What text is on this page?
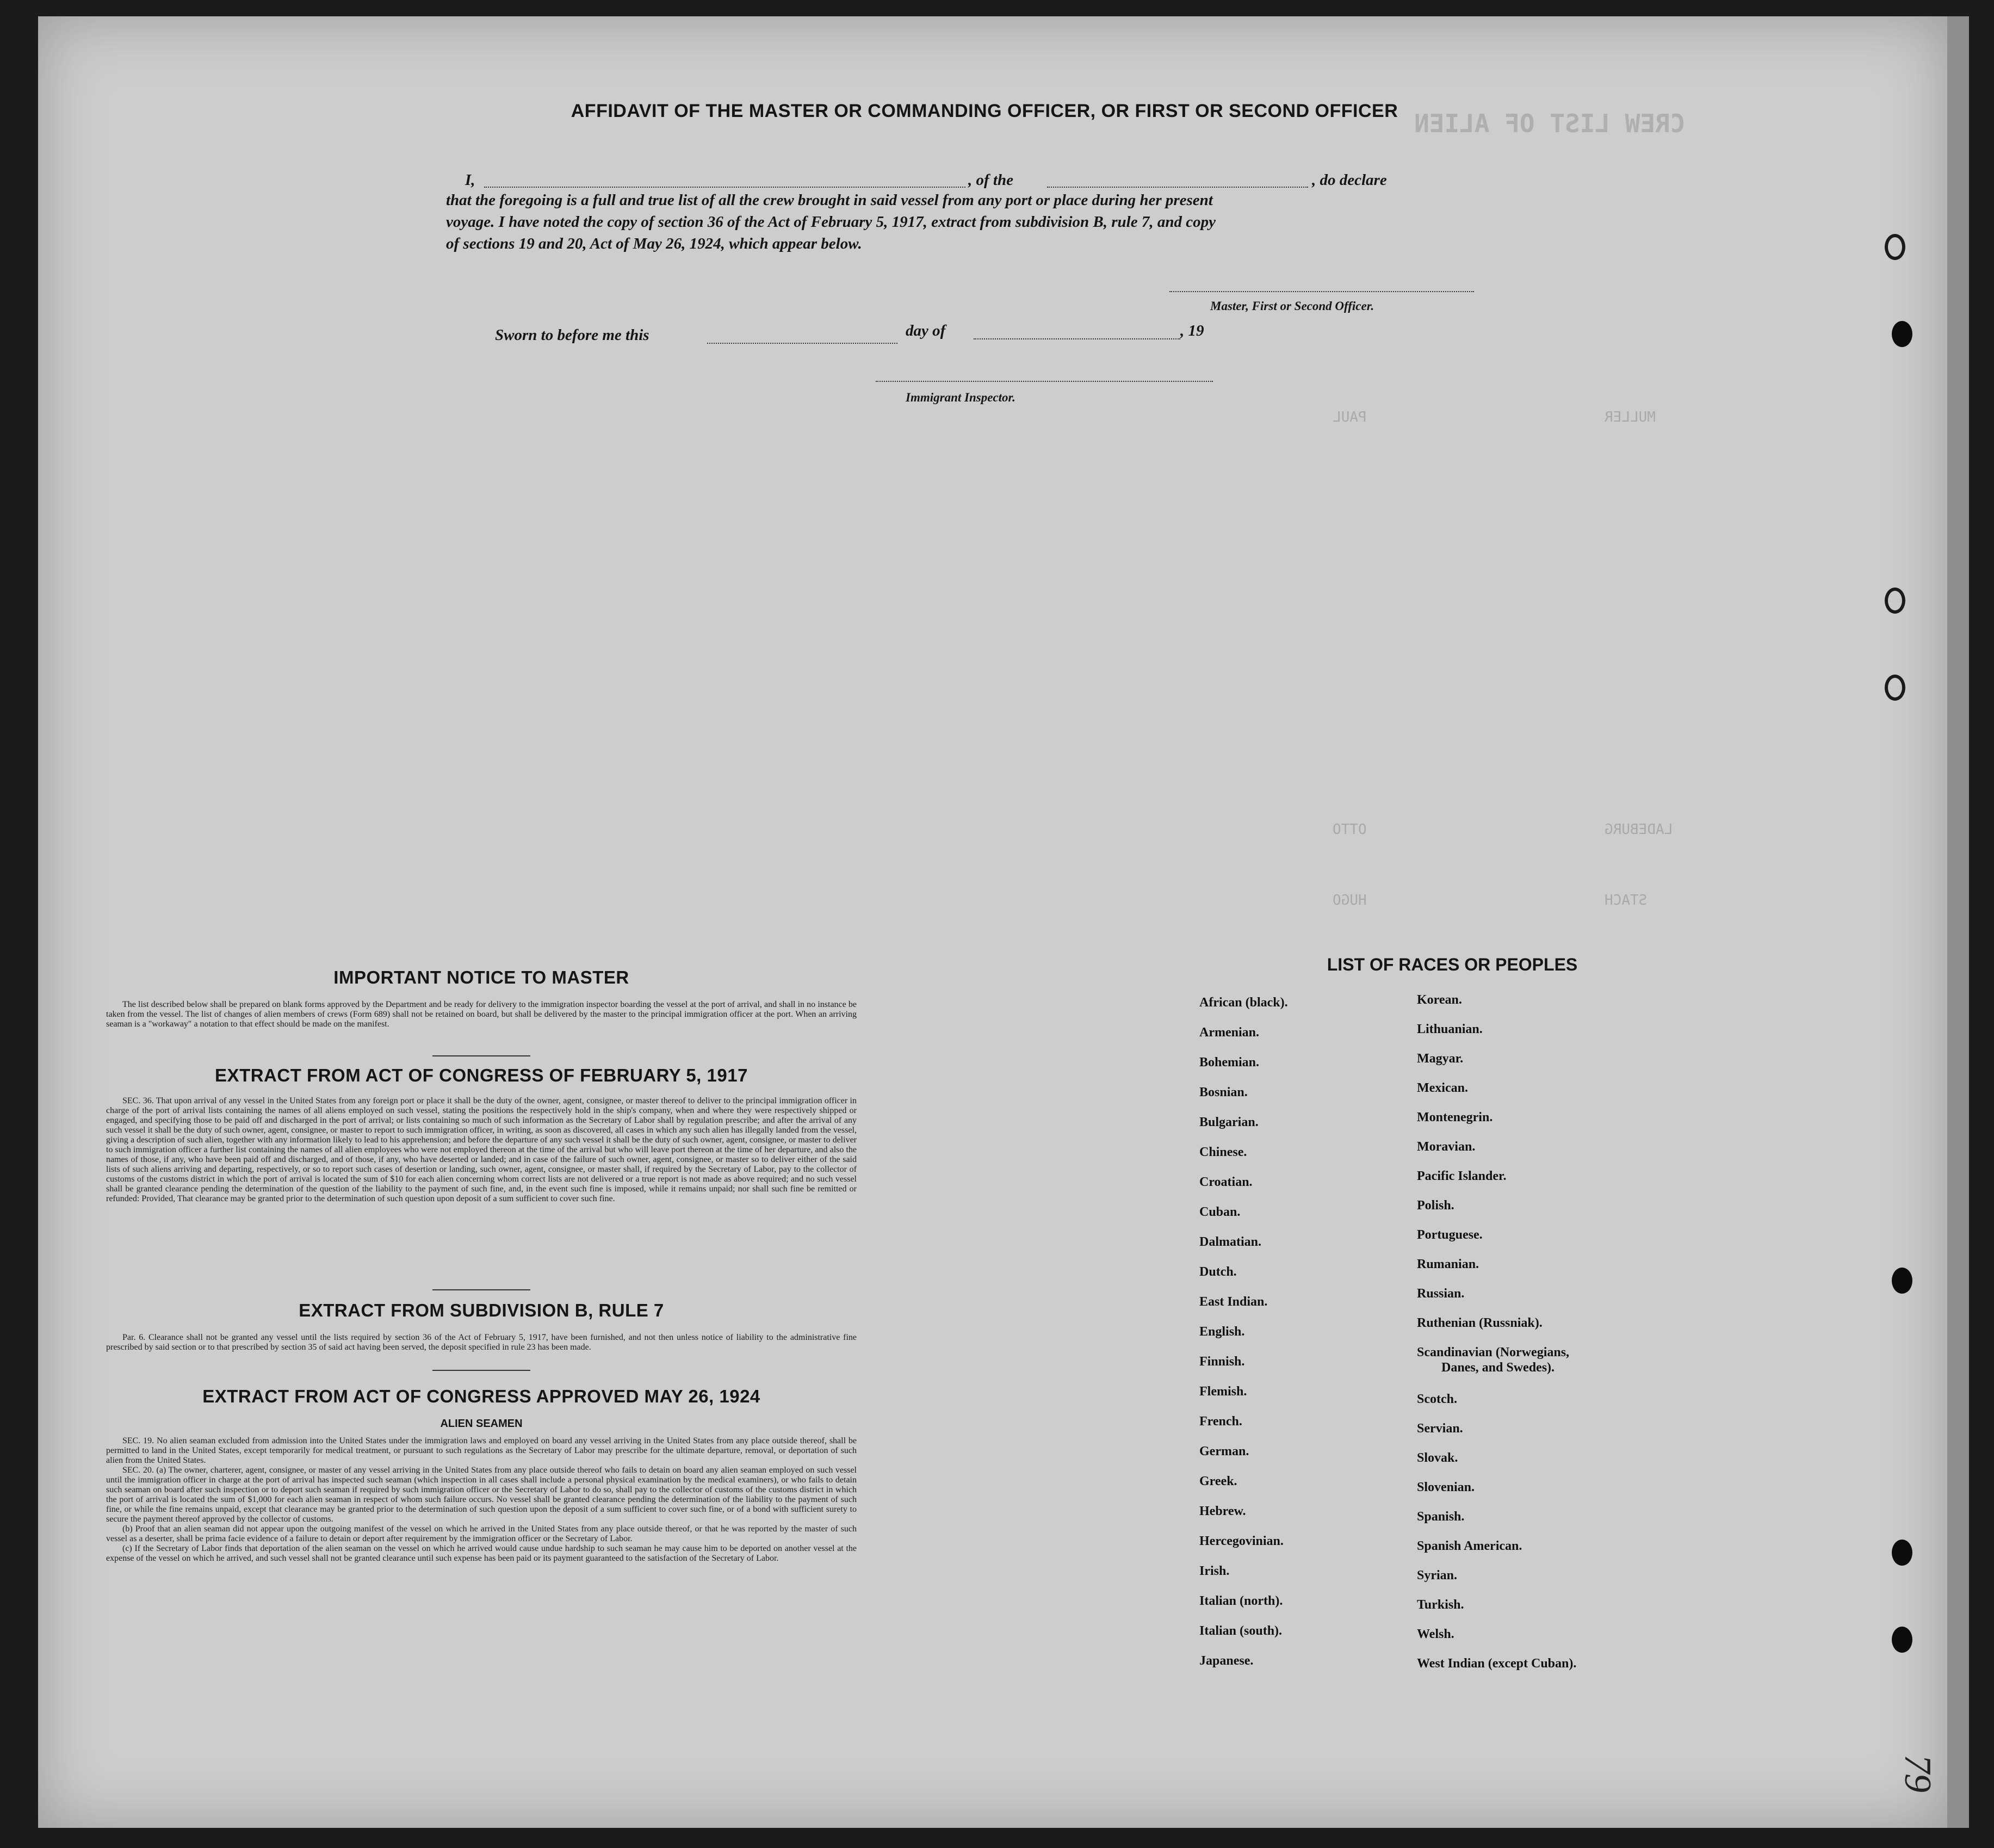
CREW LIST OF ALIEN
PAUL	MULLER
HUGO	STACH
OTTO	LADEBURG
AFFIDAVIT OF THE MASTER OR COMMANDING OFFICER, OR FIRST OR SECOND OFFICER
I,	, of the	, do declare
that the foregoing is a full and true list of all the crew brought in said vessel from any port or place during her present
voyage. I have noted the copy of section 36 of the Act of February 5, 1917, extract from subdivision B, rule 7, and copy
of sections 19 and 20, Act of May 26, 1924, which appear below.
Master, First or Second Officer.
Sworn to before me this	day of	, 19
Immigrant Inspector.
IMPORTANT NOTICE TO MASTER

The list described below shall be prepared on blank forms approved by the Department and be ready for delivery to the immigration inspector boarding the vessel at the port of arrival, and shall in no instance be taken from the vessel. The list of changes of alien members of crews (Form 689) shall not be retained on board, but shall be delivered by the master to the principal immigration officer at the port. When an arriving seaman is a "workaway" a notation to that effect should be made on the manifest.

EXTRACT FROM ACT OF CONGRESS OF FEBRUARY 5, 1917

SEC. 36. That upon arrival of any vessel in the United States from any foreign port or place it shall be the duty of the owner, agent, consignee, or master thereof to deliver to the principal immigration officer in charge of the port of arrival lists containing the names of all aliens employed on such vessel, stating the positions the respectively hold in the ship's company, when and where they were respectively shipped or engaged, and specifying those to be paid off and discharged in the port of arrival; or lists containing so much of such information as the Secretary of Labor shall by regulation prescribe; and after the arrival of any such vessel it shall be the duty of such owner, agent, consignee, or master to report to such immigration officer, in writing, as soon as discovered, all cases in which any such alien has illegally landed from the vessel, giving a description of such alien, together with any information likely to lead to his apprehension; and before the departure of any such vessel it shall be the duty of such owner, agent, consignee, or master to deliver to such immigration officer a further list containing the names of all alien employees who were not employed thereon at the time of the arrival but who will leave port thereon at the time of her departure, and also the names of those, if any, who have been paid off and discharged, and of those, if any, who have deserted or landed; and in case of the failure of such owner, agent, consignee, or master so to deliver either of the said lists of such aliens arriving and departing, respectively, or so to report such cases of desertion or landing, such owner, agent, consignee, or master shall, if required by the Secretary of Labor, pay to the collector of customs of the customs district in which the port of arrival is located the sum of $10 for each alien concerning whom correct lists are not delivered or a true report is not made as above required; and no such vessel shall be granted clearance pending the determination of the question of the liability to the payment of such fine, and, in the event such fine is imposed, while it remains unpaid; nor shall such fine be remitted or refunded: Provided, That clearance may be granted prior to the determination of such question upon deposit of a sum sufficient to cover such fine.

EXTRACT FROM SUBDIVISION B, RULE 7

Par. 6. Clearance shall not be granted any vessel until the lists required by section 36 of the Act of February 5, 1917, have been furnished, and not then unless notice of liability to the administrative fine prescribed by said section or to that prescribed by section 35 of said act having been served, the deposit specified in rule 23 has been made.

EXTRACT FROM ACT OF CONGRESS APPROVED MAY 26, 1924
ALIEN SEAMEN

SEC. 19. No alien seaman excluded from admission into the United States under the immigration laws and employed on board any vessel arriving in the United States from any place outside thereof, shall be permitted to land in the United States, except temporarily for medical treatment, or pursuant to such regulations as the Secretary of Labor may prescribe for the ultimate departure, removal, or deportation of such alien from the United States.

SEC. 20. (a) The owner, charterer, agent, consignee, or master of any vessel arriving in the United States from any place outside thereof who fails to detain on board any alien seaman employed on such vessel until the immigration officer in charge at the port of arrival has inspected such seaman (which inspection in all cases shall include a personal physical examination by the medical examiners), or who fails to detain such seaman on board after such inspection or to deport such seaman if required by such immigration officer or the Secretary of Labor to do so, shall pay to the collector of customs of the customs district in which the port of arrival is located the sum of $1,000 for each alien seaman in respect of whom such failure occurs. No vessel shall be granted clearance pending the determination of the liability to the payment of such fine, or while the fine remains unpaid, except that clearance may be granted prior to the determination of such question upon the deposit of a sum sufficient to cover such fine, or of a bond with sufficient surety to secure the payment thereof approved by the collector of customs.

(b) Proof that an alien seaman did not appear upon the outgoing manifest of the vessel on which he arrived in the United States from any place outside thereof, or that he was reported by the master of such vessel as a deserter, shall be prima facie evidence of a failure to detain or deport after requirement by the immigration officer or the Secretary of Labor.

(c) If the Secretary of Labor finds that deportation of the alien seaman on the vessel on which he arrived would cause undue hardship to such seaman he may cause him to be deported on another vessel at the expense of the vessel on which he arrived, and such vessel shall not be granted clearance until such expense has been paid or its payment guaranteed to the satisfaction of the Secretary of Labor.

LIST OF RACES OR PEOPLES
African (black).
Armenian.
Bohemian.
Bosnian.
Bulgarian.
Chinese.
Croatian.
Cuban.
Dalmatian.
Dutch.
East Indian.
English.
Finnish.
Flemish.
French.
German.
Greek.
Hebrew.
Hercegovinian.
Irish.
Italian (north).
Italian (south).
Japanese.
Korean.
Lithuanian.
Magyar.
Mexican.
Montenegrin.
Moravian.
Pacific Islander.
Polish.
Portuguese.
Rumanian.
Russian.
Ruthenian (Russniak).
Scandinavian (Norwegians,
Danes, and Swedes).
Scotch.
Servian.
Slovak.
Slovenian.
Spanish.
Spanish American.
Syrian.
Turkish.
Welsh.
West Indian (except Cuban).
79
